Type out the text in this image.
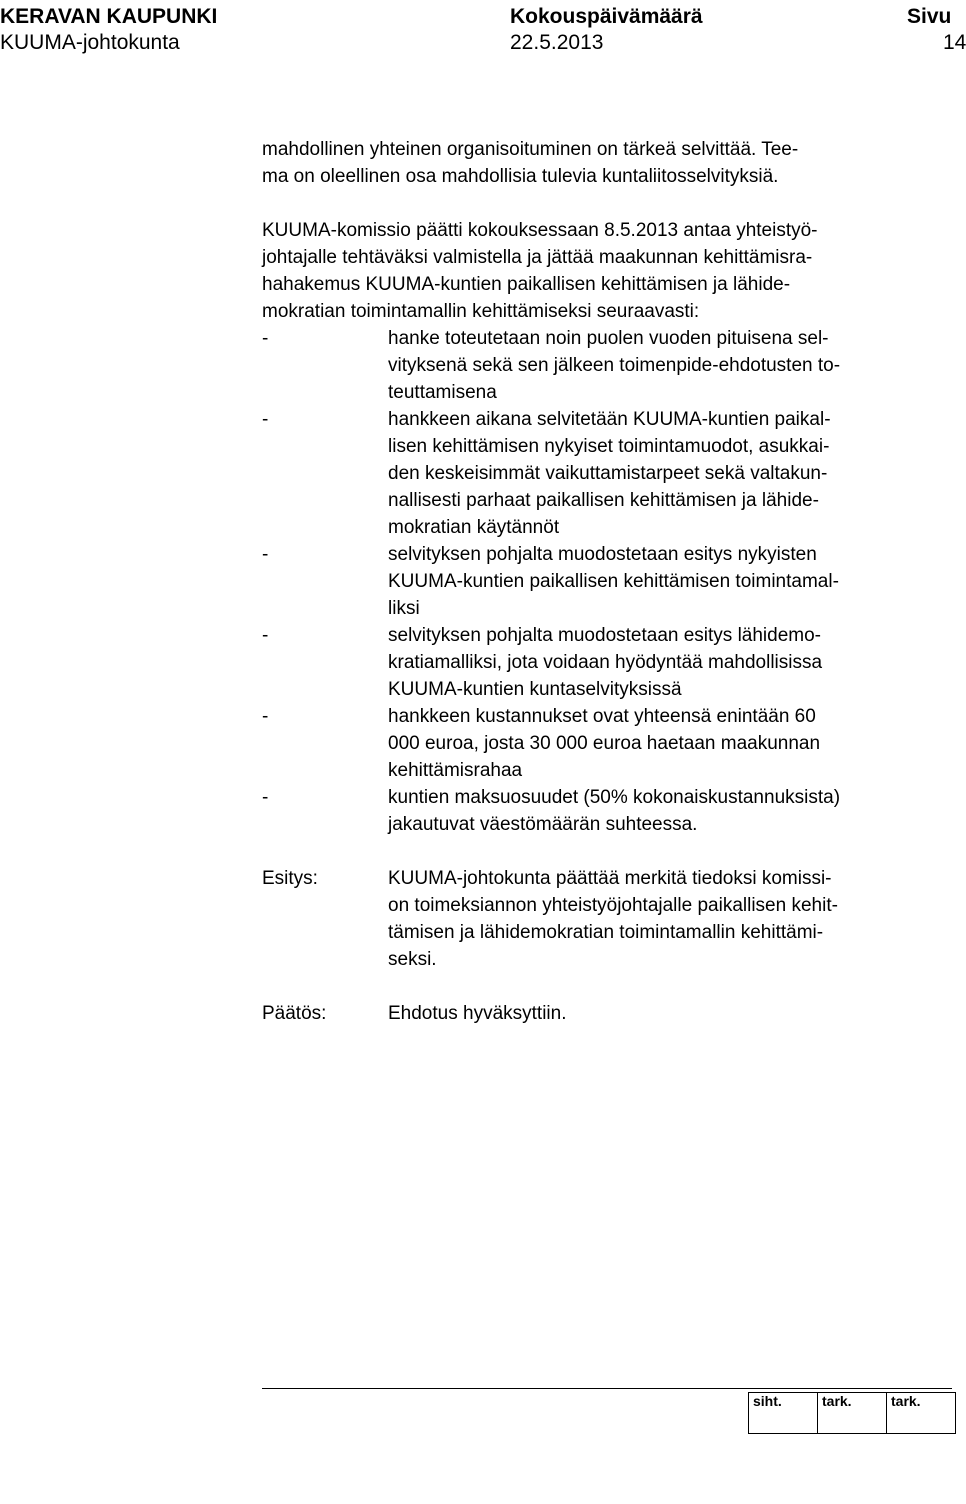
KERAVAN KAUPUNKI
KUUMA-johtokunta
Kokouspäivämäärä
22.5.2013
Sivu
14
mahdollinen yhteinen organisoituminen on tärkeä selvittää. Tee-
ma on oleellinen osa mahdollisia tulevia kuntaliitosselvityksiä.
KUUMA-komissio päätti kokouksessaan 8.5.2013 antaa yhteistyö-
johtajalle tehtäväksi valmistella ja jättää maakunnan kehittämisra-
hahakemus KUUMA-kuntien paikallisen kehittämisen ja lähide-
mokratian toimintamallin kehittämiseksi seuraavasti:
-	hanke toteutetaan noin puolen vuoden pituisena sel-
vityksenä sekä sen jälkeen toimenpide-ehdotusten to-
teuttamisena
-	hankkeen aikana selvitetään KUUMA-kuntien paikal-
lisen kehittämisen nykyiset toimintamuodot, asukkai-
den keskeisimmät vaikuttamistarpeet sekä valtakun-
nallisesti parhaat paikallisen kehittämisen ja lähide-
mokratian käytännöt
-	selvityksen pohjalta muodostetaan esitys nykyisten
KUUMA-kuntien paikallisen kehittämisen toimintamal-
liksi
-	selvityksen pohjalta muodostetaan esitys lähidemo-
kratiamalliksi, jota voidaan hyödyntää mahdollisissa
KUUMA-kuntien kuntaselvityksissä
-	hankkeen kustannukset ovat yhteensä enintään 60
000 euroa, josta 30 000 euroa haetaan maakunnan
kehittämisrahaa
-	kuntien maksuosuudet (50% kokonaiskustannuksista)
jakautuvat väestömäärän suhteessa.
Esitys:	KUUMA-johtokunta päättää merkitä tiedoksi komissi-
on toimeksiannon yhteistyöjohtajalle paikallisen kehit-
tämisen ja lähidemokratian toimintamallin kehittämi-
seksi.
Päätös:	Ehdotus hyväksyttiin.
siht.	tark.	tark.
